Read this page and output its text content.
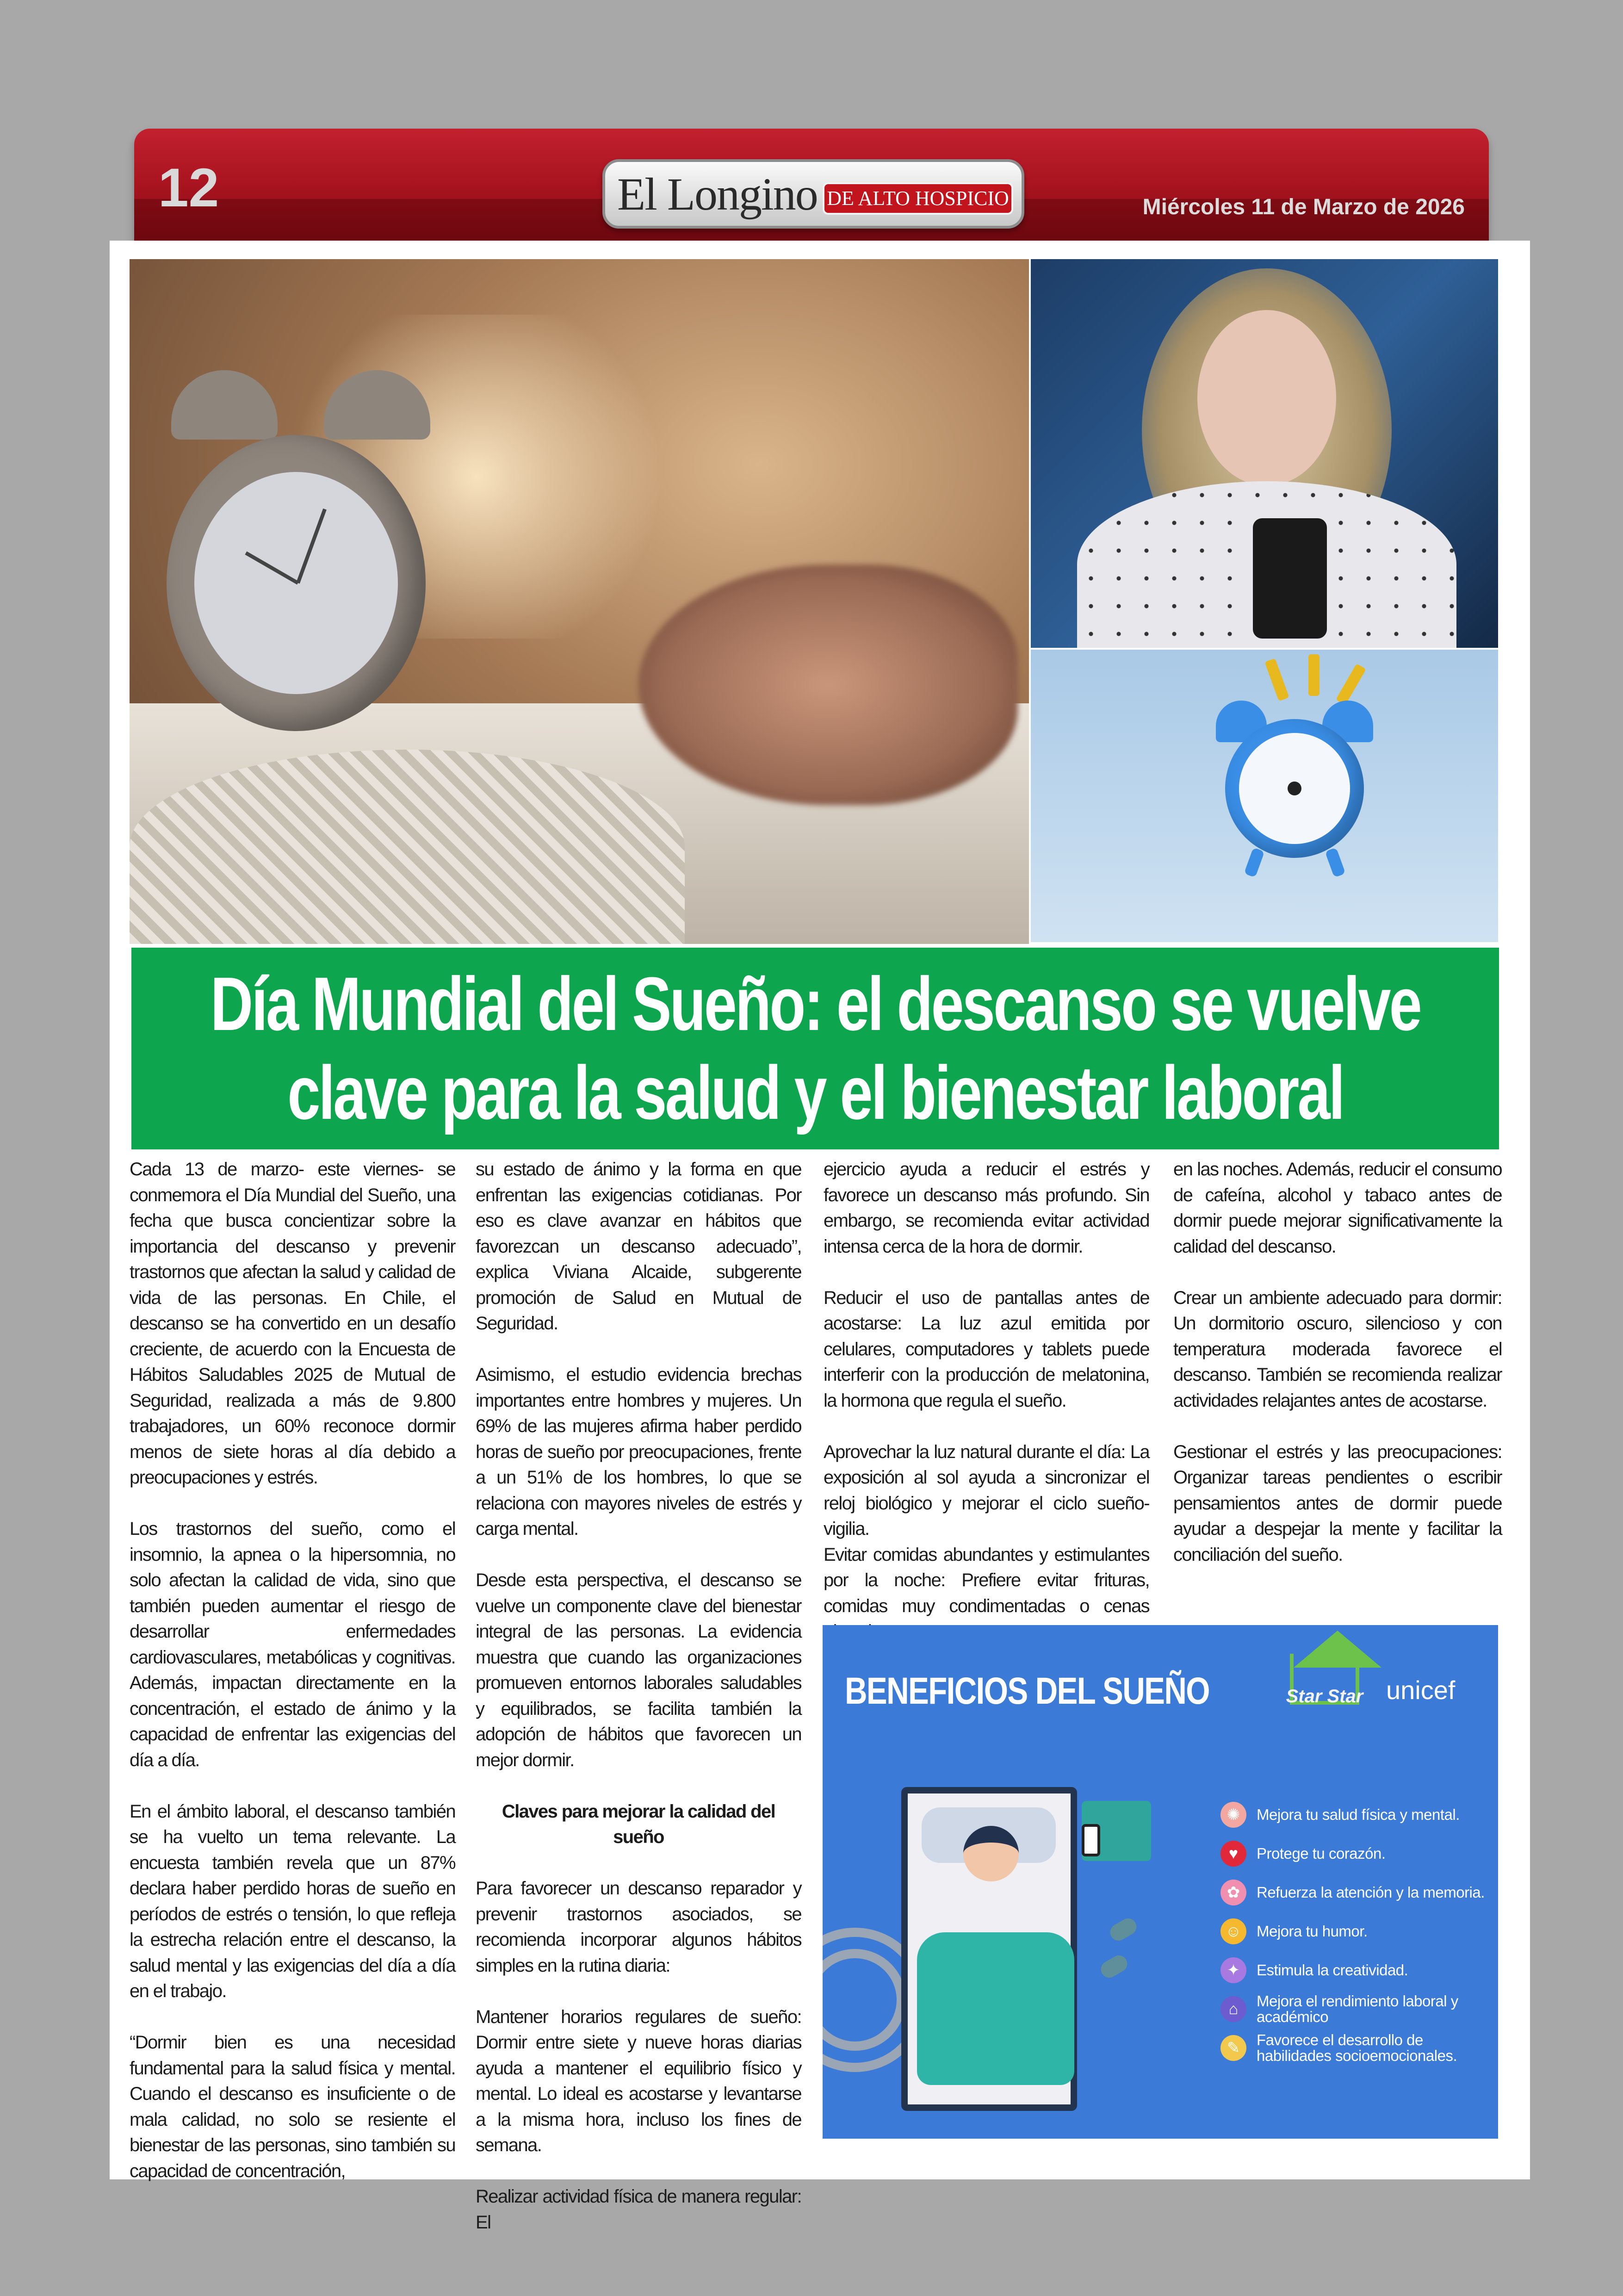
12	El Longino DE ALTO HOSPICIO	Miércoles 11 de Marzo de 2026
Día Mundial del Sueño: el descanso se vuelve
clave para la salud y el bienestar laboral

Cada 13 de marzo- este viernes- se conmemora el Día Mundial del Sueño, una fecha que busca concientizar sobre la importancia del descanso y prevenir trastornos que afectan la salud y calidad de vida de las personas. En Chile, el descanso se ha convertido en un desafío creciente, de acuerdo con la Encuesta de Hábitos Saludables 2025 de Mutual de Seguridad, realizada a más de 9.800 trabajadores, un 60% reconoce dormir menos de siete horas al día debido a preocupaciones y estrés.

Los trastornos del sueño, como el insomnio, la apnea o la hipersomnia, no solo afectan la calidad de vida, sino que también pueden aumentar el riesgo de desarrollar enfermedades cardiovasculares, metabólicas y cognitivas. Además, impactan directamente en la concentración, el estado de ánimo y la capacidad de enfrentar las exigencias del día a día.

En el ámbito laboral, el descanso también se ha vuelto un tema relevante. La encuesta también revela que un 87% declara haber perdido horas de sueño en períodos de estrés o tensión, lo que refleja la estrecha relación entre el descanso, la salud mental y las exigencias del día a día en el trabajo.

“Dormir bien es una necesidad fundamental para la salud física y mental. Cuando el descanso es insuficiente o de mala calidad, no solo se resiente el bienestar de las personas, sino también su capacidad de concentración,

su estado de ánimo y la forma en que enfrentan las exigencias cotidianas. Por eso es clave avanzar en hábitos que favorezcan un descanso adecuado”, explica Viviana Alcaide, subgerente promoción de Salud en Mutual de Seguridad.

Asimismo, el estudio evidencia brechas importantes entre hombres y mujeres. Un 69% de las mujeres afirma haber perdido horas de sueño por preocupaciones, frente a un 51% de los hombres, lo que se relaciona con mayores niveles de estrés y carga mental.

Desde esta perspectiva, el descanso se vuelve un componente clave del bienestar integral de las personas. La evidencia muestra que cuando las organizaciones promueven entornos laborales saludables y equilibrados, se facilita también la adopción de hábitos que favorecen un mejor dormir.

Claves para mejorar la calidad del sueño

Para favorecer un descanso reparador y prevenir trastornos asociados, se recomienda incorporar algunos hábitos simples en la rutina diaria:

Mantener horarios regulares de sueño: Dormir entre siete y nueve horas diarias ayuda a mantener el equilibrio físico y mental. Lo ideal es acostarse y levantarse a la misma hora, incluso los fines de semana.

Realizar actividad física de manera regular: El

ejercicio ayuda a reducir el estrés y favorece un descanso más profundo. Sin embargo, se recomienda evitar actividad intensa cerca de la hora de dormir.

Reducir el uso de pantallas antes de acostarse: La luz azul emitida por celulares, computadores y tablets puede interferir con la producción de melatonina, la hormona que regula el sueño.

Aprovechar la luz natural durante el día: La exposición al sol ayuda a sincronizar el reloj biológico y mejorar el ciclo sueño-vigilia.

Evitar comidas abundantes y estimulantes por la noche: Prefiere evitar frituras, comidas muy condimentadas o cenas

en las noches. Además, reducir el consumo de cafeína, alcohol y tabaco antes de dormir puede mejorar significativamente la calidad del descanso.

Crear un ambiente adecuado para dormir: Un dormitorio oscuro, silencioso y con temperatura moderada favorece el descanso. También se recomienda realizar actividades relajantes antes de acostarse.

Gestionar el estrés y las preocupaciones: Organizar tareas pendientes o escribir pensamientos antes de dormir puede ayudar a despejar la mente y facilitar la conciliación del sueño.

BENEFICIOS DEL SUEÑO	Star Star unicef
✺	Mejora tu salud física y mental.
♥	Protege tu corazón.
✿	Refuerza la atención y la memoria.
☺ Mejora tu humor.
✦	Estimula la creatividad.
⌂	Mejora el rendimiento laboral y académico
✎	Favorece el desarrollo de habilidades socioemocionales.
